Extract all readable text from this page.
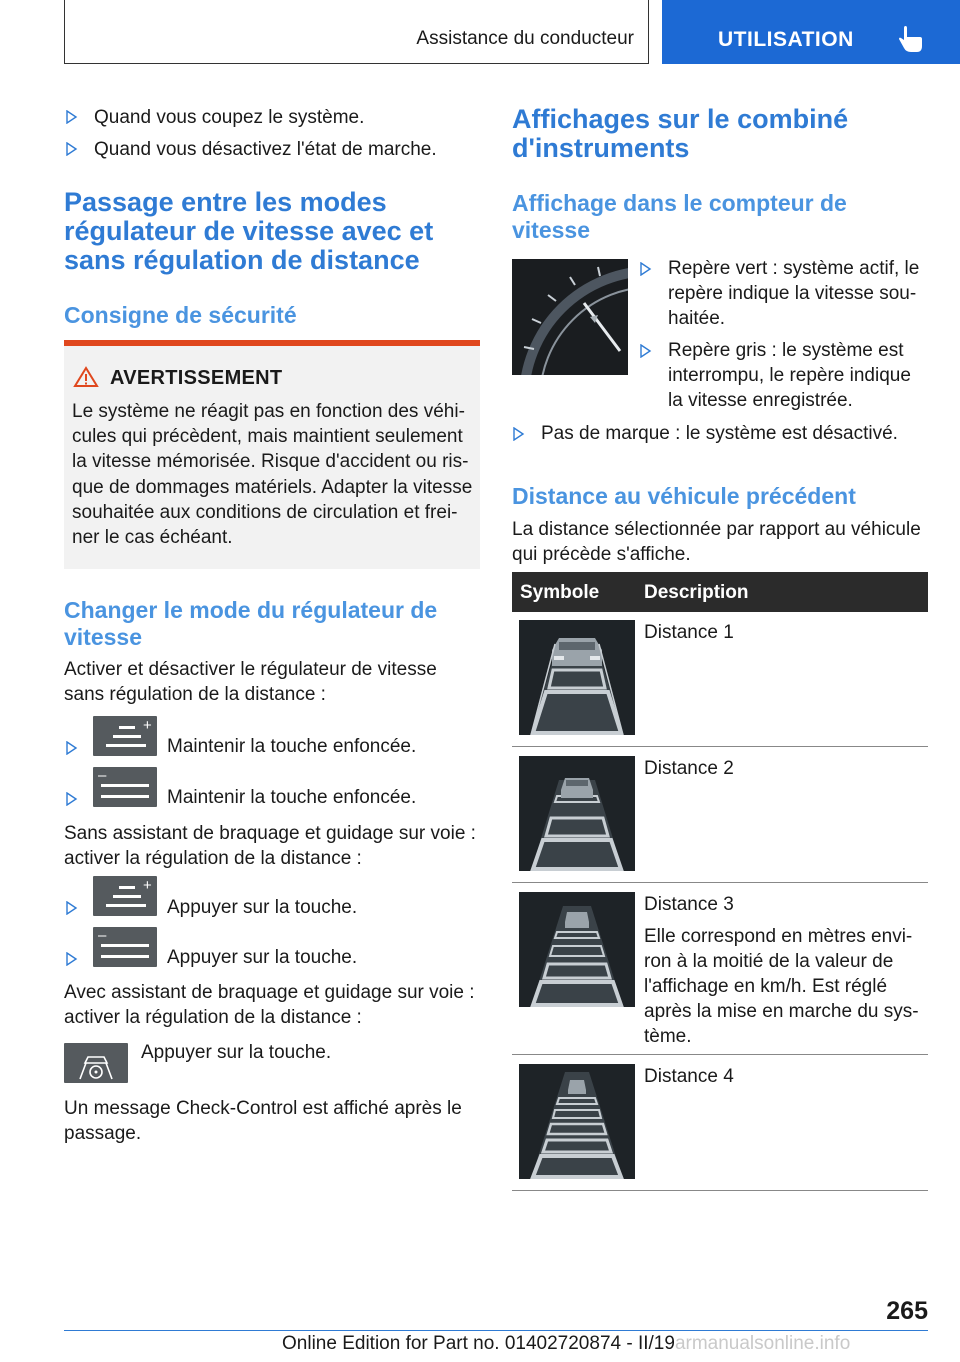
Assistance du conducteur	UTILISATION
Quand vous coupez le système.
Quand vous désactivez l'état de marche.
Passage entre les modes
régulateur de vitesse avec et
sans régulation de distance
Consigne de sécurité
AVERTISSEMENT
Le système ne réagit pas en fonction des véhi-
cules qui précèdent, mais maintient seulement
la vitesse mémorisée. Risque d'accident ou ris-
que de dommages matériels. Adapter la vitesse
souhaitée aux conditions de circulation et frei-
ner le cas échéant.
Changer le mode du régulateur de
vitesse
Activer et désactiver le régulateur de vitesse
sans régulation de la distance :
+
Maintenir la touche enfoncée.
–
Maintenir la touche enfoncée.
Sans assistant de braquage et guidage sur voie :
activer la régulation de la distance :
+
Appuyer sur la touche.
–
Appuyer sur la touche.
Avec assistant de braquage et guidage sur voie :
activer la régulation de la distance :
Appuyer sur la touche.
Un message Check-Control est affiché après le
passage.
Affichages sur le combiné
d'instruments
Affichage dans le compteur de
vitesse
Repère vert : système actif, le
repère indique la vitesse sou-
haitée.
Repère gris : le système est
interrompu, le repère indique
la vitesse enregistrée.
Pas de marque : le système est désactivé.
Distance au véhicule précédent
La distance sélectionnée par rapport au véhicule
qui précède s'affiche.
Symbole Description
Distance 1
Distance 2
Distance 3
Elle correspond en mètres envi-
ron à la moitié de la valeur de
l'affichage en km/h. Est réglé
après la mise en marche du sys-
tème.
Distance 4
265
Online Edition for Part no. 01402720874 - II/19armanualsonline.info
